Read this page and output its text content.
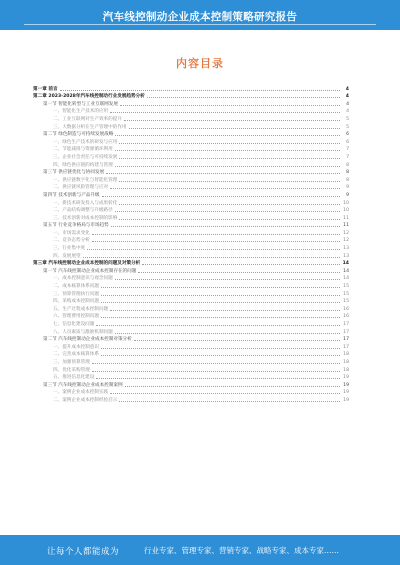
汽车线控制动企业成本控制策略研究报告
内容目录
第一章 前言	4
第二章 2023-2028年汽车线控制动行业发展趋势分析	4
第一节 智能化转型与工业互联网发展	4
一、智能化生产技术的应用	4
二、工业互联网对生产效率的提升	5
三、大数据分析在生产管理中的作用	5
第二节 绿色制造与可持续发展战略	6
一、绿色生产技术的研发与应用	6
二、节能减排与资源循环利用	7
三、企业社会责任与可持续发展	7
四、绿色供应链的构建与管理	8
第三节 供应链优化与协同发展	8
一、供应链数字化与智能化管理	8
二、供应链风险管理与应对	9
第四节 技术创新与产品升级	9
一、新技术研发投入与成果转化	10
二、产品结构调整与升级路径	10
三、技术创新对成本控制的影响	11
第五节 行业竞争格局与市场趋势	11
一、市场需求变化	12
二、竞争态势分析	12
三、行业集中度	13
四、发展展望	13
第三章 汽车线控制动企业成本控制的问题及对策分析	14
第一节 汽车线控制动企业成本控制存在的问题	14
一、成本控制意识与观念问题	14
二、成本核算体系问题	15
三、预算管理执行问题	15
四、采购成本控制问题	15
五、生产过程成本控制问题	16
六、管理费用控制问题	16
七、信息化建设问题	17
八、人员素质与激励机制问题	17
第二节 汽车线控制动企业成本控制对策分析	17
一、提升成本控制意识	17
二、完善成本核算体系	18
三、加强预算管理	18
四、优化采购管理	18
五、推进信息化建设	19
第三节 汽车线控制动企业成本控制案例	19
一、案例企业成本控制实践	19
二、案例企业成本控制经验启示	19
让每个人都能成为	行业专家、管理专家、营销专家、战略专家、成本专家……
